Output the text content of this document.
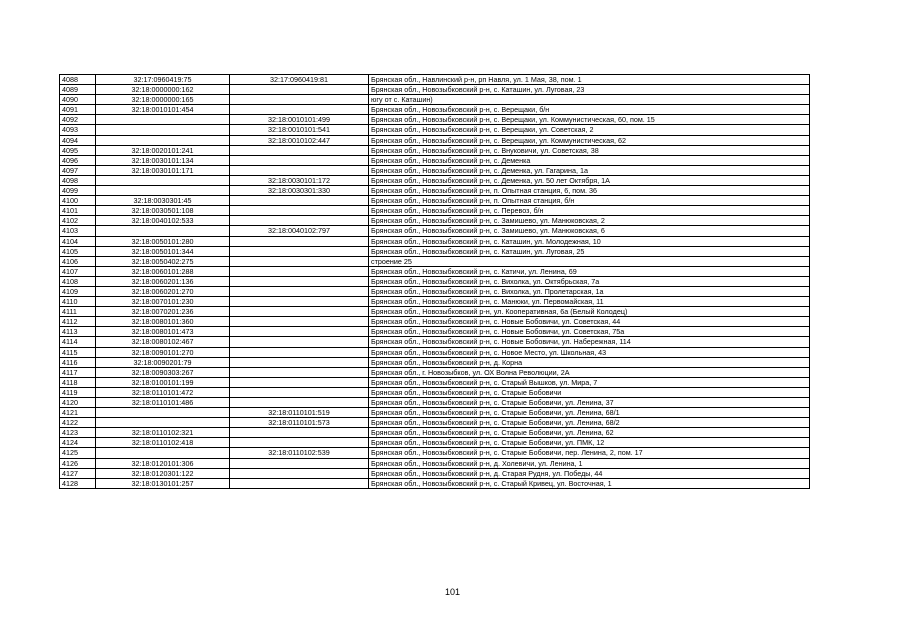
4088	32:17:0960419:75	32:17:0960419:81	Брянская обл., Навлинский р-н, рп Навля, ул. 1 Мая, 38, пом. 1
4089	32:18:0000000:162		Брянская обл., Новозыбковский р-н, с. Каташин, ул. Луговая, 23
4090	32:18:0000000:165		югу от с. Каташин)
4091	32:18:0010101:454		Брянская обл., Новозыбковский р-н, с. Верещаки, б/н
4092		32:18:0010101:499	Брянская обл., Новозыбковский р-н, с. Верещаки, ул. Коммунистическая, 60, пом. 15
4093		32:18:0010101:541	Брянская обл., Новозыбковский р-н, с. Верещаки, ул. Советская, 2
4094		32:18:0010102:447	Брянская обл., Новозыбковский р-н, с. Верещаки, ул. Коммунистическая, 62
4095	32:18:0020101:241		Брянская обл., Новозыбковский р-н, с. Внуковичи, ул. Советская, 38
4096	32:18:0030101:134		Брянская обл., Новозыбковский р-н, с. Деменка
4097	32:18:0030101:171		Брянская обл., Новозыбковский р-н, с. Деменка, ул. Гагарина, 1а
4098		32:18:0030101:172	Брянская обл., Новозыбковский р-н, с. Деменка, ул. 50 лет Октября, 1А
4099		32:18:0030301:330	Брянская обл., Новозыбковский р-н, п. Опытная станция, 6, пом. 36
4100	32:18:0030301:45		Брянская обл., Новозыбковский р-н, п. Опытная станция, б/н
4101	32:18:0030501:108		Брянская обл., Новозыбковский р-н, с. Перевоз, б/н
4102	32:18:0040102:533		Брянская обл., Новозыбковский р-н, с. Замишево, ул. Манюковская, 2
4103		32:18:0040102:797	Брянская обл., Новозыбковский р-н, с. Замишево, ул. Манюковская, 6
4104	32:18:0050101:280		Брянская обл., Новозыбковский р-н, с. Каташин, ул. Молодежная, 10
4105	32:18:0050101:344		Брянская обл., Новозыбковский р-н, с. Каташин, ул. Луговая, 25
4106	32:18:0050402:275		строение 25
4107	32:18:0060101:288		Брянская обл., Новозыбковский р-н, с. Катичи, ул. Ленина, 69
4108	32:18:0060201:136		Брянская обл., Новозыбковский р-н, с. Вихолка, ул. Октябрьская, 7а
4109	32:18:0060201:270		Брянская обл., Новозыбковский р-н, с. Вихолка, ул. Пролетарская, 1а
4110	32:18:0070101:230		Брянская обл., Новозыбковский р-н, с. Манюки, ул. Первомайская, 11
4111	32:18:0070201:236		Брянская обл., Новозыбковский р-н, ул. Кооперативная, 6а (Белый Колодец)
4112	32:18:0080101:360		Брянская обл., Новозыбковский р-н, с. Новые Бобовичи, ул. Советская, 44
4113	32:18:0080101:473		Брянская обл., Новозыбковский р-н, с. Новые Бобовичи, ул. Советская, 75а
4114	32:18:0080102:467		Брянская обл., Новозыбковский р-н, с. Новые Бобовичи, ул. Набережная, 114
4115	32:18:0090101:270		Брянская обл., Новозыбковский р-н, с. Новое Место, ул. Школьная, 43
4116	32:18:0090201:79		Брянская обл., Новозыбковский р-н, д. Корна
4117	32:18:0090303:267		Брянская обл., г. Новозыбков, ул. ОХ Волна Революции, 2А
4118	32:18:0100101:199		Брянская обл., Новозыбковский р-н, с. Старый Вышков, ул. Мира, 7
4119	32:18:0110101:472		Брянская обл., Новозыбковский р-н, с. Старые Бобовичи
4120	32:18:0110101:486		Брянская обл., Новозыбковский р-н, с. Старые Бобовичи, ул. Ленина, 37
4121		32:18:0110101:519	Брянская обл., Новозыбковский р-н, с. Старые Бобовичи, ул. Ленина, 68/1
4122		32:18:0110101:573	Брянская обл., Новозыбковский р-н, с. Старые Бобовичи, ул. Ленина, 68/2
4123	32:18:0110102:321		Брянская обл., Новозыбковский р-н, с. Старые Бобовичи, ул. Ленина, 62
4124	32:18:0110102:418		Брянская обл., Новозыбковский р-н, с. Старые Бобовичи, ул. ПМК, 12
4125		32:18:0110102:539	Брянская обл., Новозыбковский р-н, с. Старые Бобовичи, пер. Ленина, 2, пом. 17
4126	32:18:0120101:306		Брянская обл., Новозыбковский р-н, д. Холевичи, ул. Ленина, 1
4127	32:18:0120301:122		Брянская обл., Новозыбковский р-н, д. Старая Рудня, ул. Победы, 44
4128	32:18:0130101:257		Брянская обл., Новозыбковский р-н, с. Старый Кривец, ул. Восточная, 1
101
